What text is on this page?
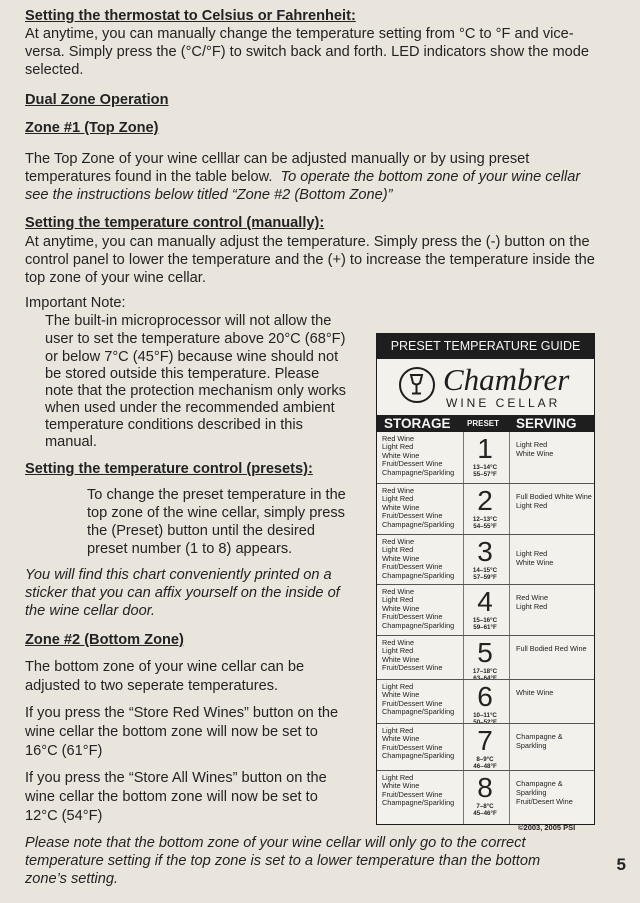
Setting the thermostat to Celsius or Fahrenheit:

At anytime, you can manually change the temperature setting from °C to °F and vice-

versa. Simply press the (°C/°F) to switch back and forth. LED indicators show the mode

selected.

Dual Zone Operation

Zone #1 (Top Zone)

The Top Zone of your wine celllar can be adjusted manually or by using preset

temperatures found in the table below. To operate the bottom zone of your wine cellar

see the instructions below titled “Zone #2 (Bottom Zone)”

Setting the temperature control (manually):

At anytime, you can manually adjust the temperature. Simply press the (-) button on the

control panel to lower the temperature and the (+) to increase the temperature inside the

top zone of your wine cellar.

Important Note:

The built-in microprocessor will not allow the

user to set the temperature above 20°C (68°F)

or below 7°C (45°F) because wine should not

be stored outside this temperature. Please

note that the protection mechanism only works

when used under the recommended ambient

temperature conditions described in this

manual.

Setting the temperature control (presets):

To change the preset temperature in the

top zone of the wine cellar, simply press

the (Preset) button until the desired

preset number (1 to 8) appears.

You will find this chart conveniently printed on a

sticker that you can affix yourself on the inside of

the wine cellar door.

Zone #2 (Bottom Zone)

The bottom zone of your wine cellar can be

adjusted to two seperate temperatures.

If you press the “Store Red Wines” button on the

wine cellar the bottom zone will now be set to

16°C (61°F)

If you press the “Store All Wines” button on the

wine cellar the bottom zone will now be set to

12°C (54°F)

Please note that the bottom zone of your wine cellar will only go to the correct

temperature setting if the top zone is set to a lower temperature than the bottom

zone’s setting.

5
PRESET TEMPERATURE GUIDE
Chambrer
WINE CELLAR
STORAGE PRESET SERVING
Red Wine
Light Red
White Wine
Fruit/Dessert Wine
Champagne/Sparkling
1
13–14°C
55–57°F
Light Red
White Wine
Red Wine
Light Red
White Wine
Fruit/Dessert Wine
Champagne/Sparkling
2
12–13°C
54–55°F
Full Bodied White Wine
Light Red
Red Wine
Light Red
White Wine
Fruit/Dessert Wine
Champagne/Sparkling
3
14–15°C
57–59°F
Light Red
White Wine
Red Wine
Light Red
White Wine
Fruit/Dessert Wine
Champagne/Sparkling
4
15–16°C
59–61°F
Red Wine
Light Red
Red Wine
Light Red
White Wine
Fruit/Dessert Wine	5
17–18°C
63–64°F
Full Bodied Red Wine
Light Red
White Wine
Fruit/Dessert Wine
Champagne/Sparkling 6
10–11°C
50–52°F
White Wine
Light Red
White Wine
Fruit/Dessert Wine
Champagne/Sparkling 7
8–9°C
46–48°F
Champagne &
Sparkling
Light Red
White Wine
Fruit/Dessert Wine
Champagne/Sparkling 8
7–8°C
45–46°F
Champagne &
Sparkling
Fruit/Desert Wine
©2003, 2005 PSI
